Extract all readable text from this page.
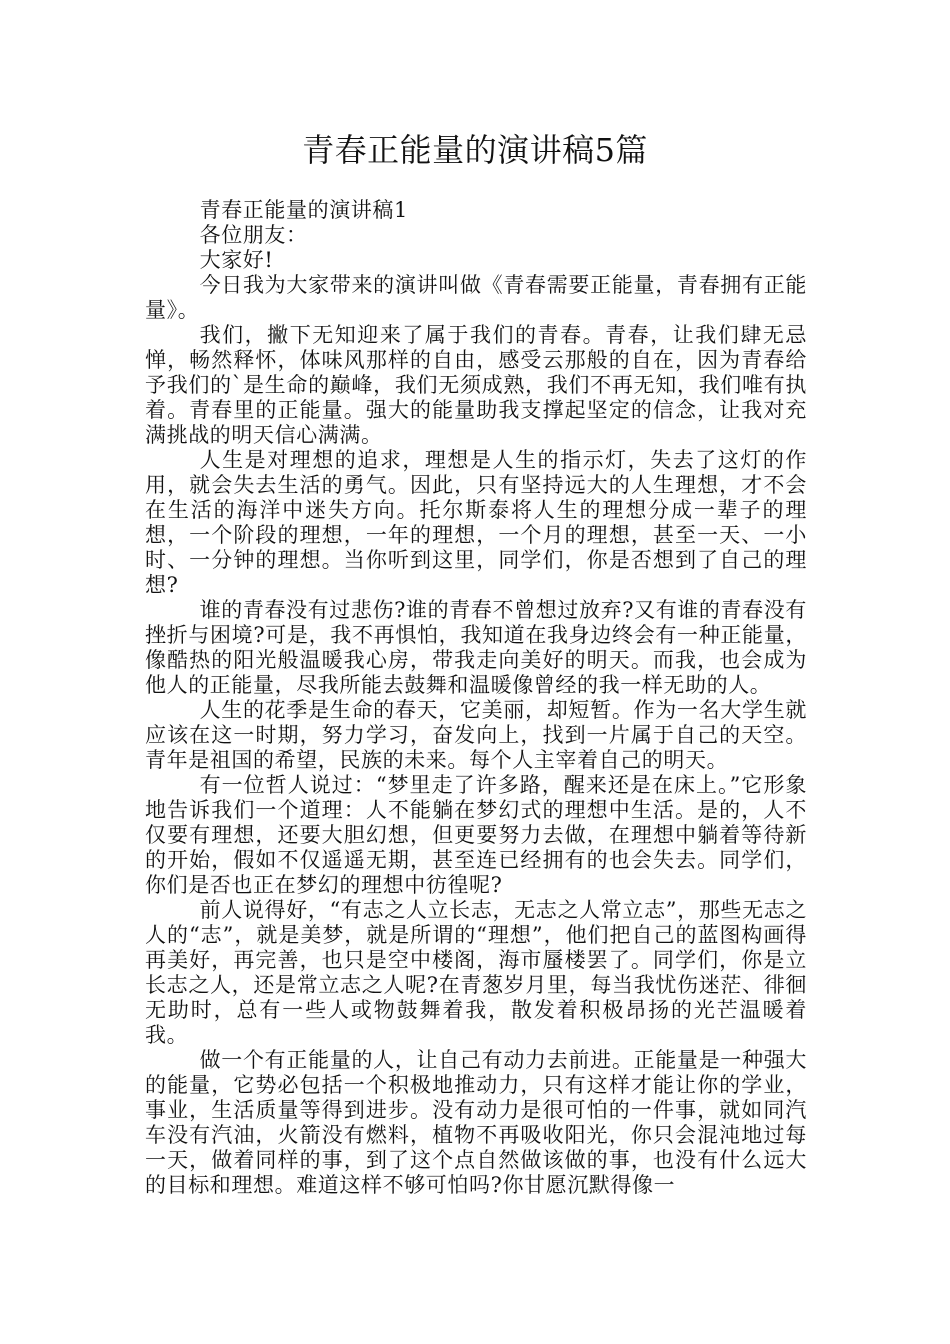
青春正能量的演讲稿5篇

青春正能量的演讲稿1

各位朋友：

大家好!

今日我为大家带来的演讲叫做《青春需要正能量，青春拥有正能量》。

我们，撇下无知迎来了属于我们的青春。青春，让我们肆无忌惮，畅然释怀，体味风那样的自由，感受云那般的自在，因为青春给予我们的`是生命的巅峰，我们无须成熟，我们不再无知，我们唯有执着。青春里的正能量。强大的能量助我支撑起坚定的信念，让我对充满挑战的明天信心满满。

人生是对理想的追求，理想是人生的指示灯，失去了这灯的作用，就会失去生活的勇气。因此，只有坚持远大的人生理想，才不会在生活的海洋中迷失方向。托尔斯泰将人生的理想分成一辈子的理想，一个阶段的理想，一年的理想，一个月的理想，甚至一天、一小时、一分钟的理想。当你听到这里，同学们，你是否想到了自己的理想?

谁的青春没有过悲伤?谁的青春不曾想过放弃?又有谁的青春没有挫折与困境?可是，我不再惧怕，我知道在我身边终会有一种正能量，像酷热的阳光般温暖我心房，带我走向美好的明天。而我，也会成为他人的正能量，尽我所能去鼓舞和温暖像曾经的我一样无助的人。

人生的花季是生命的春天，它美丽，却短暂。作为一名大学生就应该在这一时期，努力学习，奋发向上，找到一片属于自己的天空。青年是祖国的希望，民族的未来。每个人主宰着自己的明天。

有一位哲人说过：“梦里走了许多路，醒来还是在床上。”它形象地告诉我们一个道理：人不能躺在梦幻式的理想中生活。是的，人不仅要有理想，还要大胆幻想，但更要努力去做，在理想中躺着等待新的开始，假如不仅遥遥无期，甚至连已经拥有的也会失去。同学们，你们是否也正在梦幻的理想中彷徨呢?

前人说得好，“有志之人立长志，无志之人常立志”，那些无志之人的“志”，就是美梦，就是所谓的“理想”，他们把自己的蓝图构画得再美好，再完善，也只是空中楼阁，海市蜃楼罢了。同学们，你是立长志之人，还是常立志之人呢?在青葱岁月里，每当我忧伤迷茫、徘徊无助时，总有一些人或物鼓舞着我，散发着积极昂扬的光芒温暖着我。

做一个有正能量的人，让自己有动力去前进。正能量是一种强大的能量，它势必包括一个积极地推动力，只有这样才能让你的学业，事业，生活质量等得到进步。没有动力是很可怕的一件事，就如同汽车没有汽油，火箭没有燃料，植物不再吸收阳光，你只会混沌地过每一天，做着同样的事，到了这个点自然做该做的事，也没有什么远大的目标和理想。难道这样不够可怕吗?你甘愿沉默得像一
